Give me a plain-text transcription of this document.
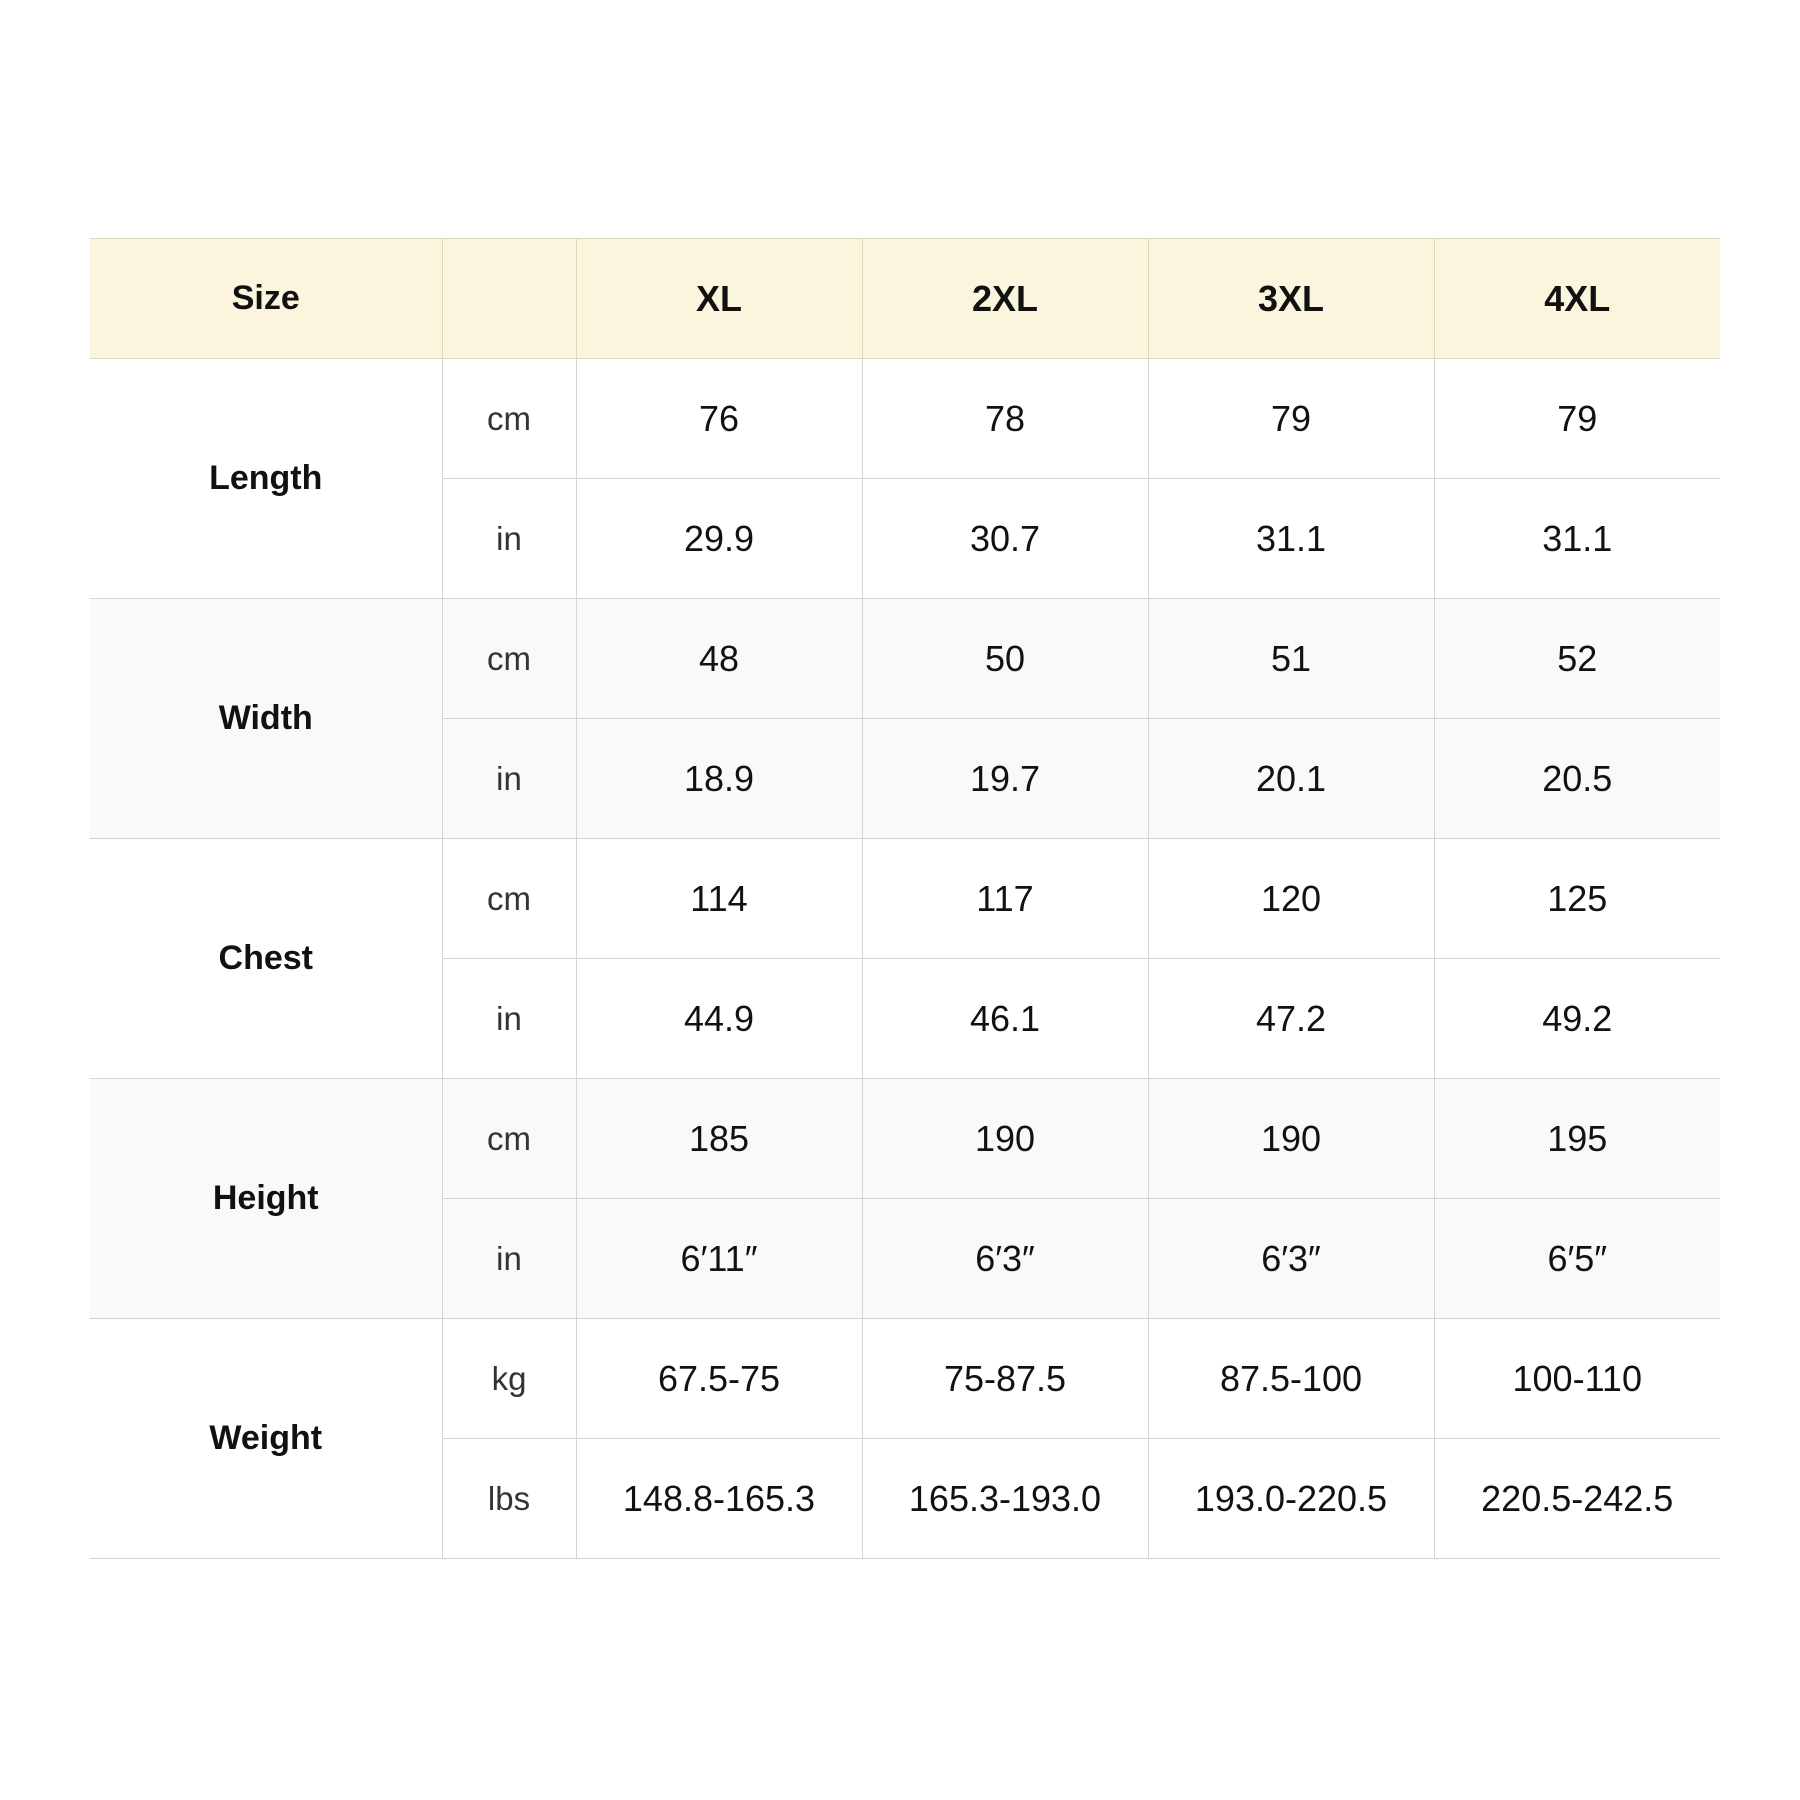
Size		XL	2XL	3XL	4XL
Length	cm	76	78	79	79
	in	29.9	30.7	31.1	31.1
Width	cm	48	50	51	52
	in	18.9	19.7	20.1	20.5
Chest	cm	114	117	120	125
	in	44.9	46.1	47.2	49.2
Height	cm	185	190	190	195
	in	6′11″	6′3″	6′3″	6′5″
Weight	kg	67.5-75	75-87.5	87.5-100	100-110
	lbs	148.8-165.3	165.3-193.0	193.0-220.5	220.5-242.5
